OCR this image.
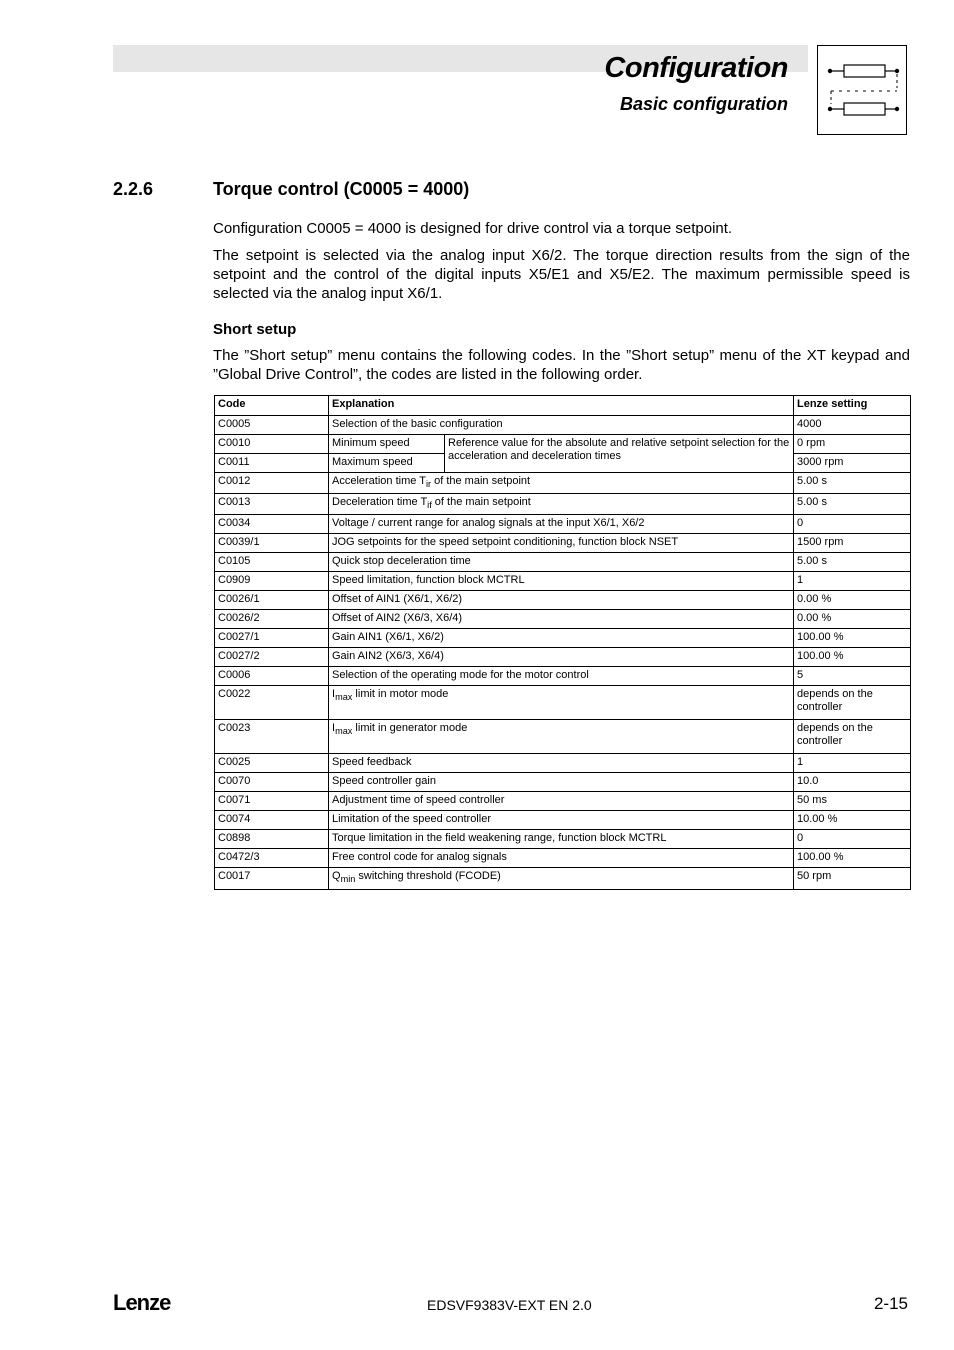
Configuration
Basic configuration
2.2.6	Torque control (C0005 = 4000)

Configuration C0005 = 4000 is designed for drive control via a torque setpoint.

The setpoint is selected via the analog input X6/2. The torque direction results from the sign of the setpoint and the control of the digital inputs X5/E1 and X5/E2. The maximum permissible speed is selected via the analog input X6/1.

Short setup

The ”Short setup” menu contains the following codes. In the ”Short setup” menu of the XT keypad and ”Global Drive Control”, the codes are listed in the following order.

Code	Explanation		Lenze setting
C0005	Selection of the basic configuration		4000
C0010	Minimum speed	Reference value for the absolute and relative setpoint selection for the acceleration and deceleration times	0 rpm
C0011	Maximum speed		3000 rpm
C0012	Acceleration time $T_{ir}$ of the main setpoint		5.00 s
C0013	Deceleration time $T_{if}$ of the main setpoint		5.00 s
C0034	Voltage / current range for analog signals at the input X6/1, X6/2		0
C0039/1	JOG setpoints for the speed setpoint conditioning, function block NSET		1500 rpm
C0105	Quick stop deceleration time		5.00 s
C0909	Speed limitation, function block MCTRL		1
C0026/1	Offset of AIN1 (X6/1, X6/2)		0.00 %
C0026/2	Offset of AIN2 (X6/3, X6/4)		0.00 %
C0027/1	Gain AIN1 (X6/1, X6/2)		100.00 %
C0027/2	Gain AIN2 (X6/3, X6/4)		100.00 %
C0006	Selection of the operating mode for the motor control		5
C0022	$I_{max}$ limit in motor mode		depends on the controller
C0023	$I_{max}$ limit in generator mode		depends on the controller
C0025	Speed feedback		1
C0070	Speed controller gain		10.0
C0071	Adjustment time of speed controller		50 ms
C0074	Limitation of the speed controller		10.00 %
C0898	Torque limitation in the field weakening range, function block MCTRL		0
C0472/3	Free control code for analog signals		100.00 %
C0017	$Q_{min}$ switching threshold (FCODE)		50 rpm
Lenze	EDSVF9383V-EXT EN 2.0	2-15
